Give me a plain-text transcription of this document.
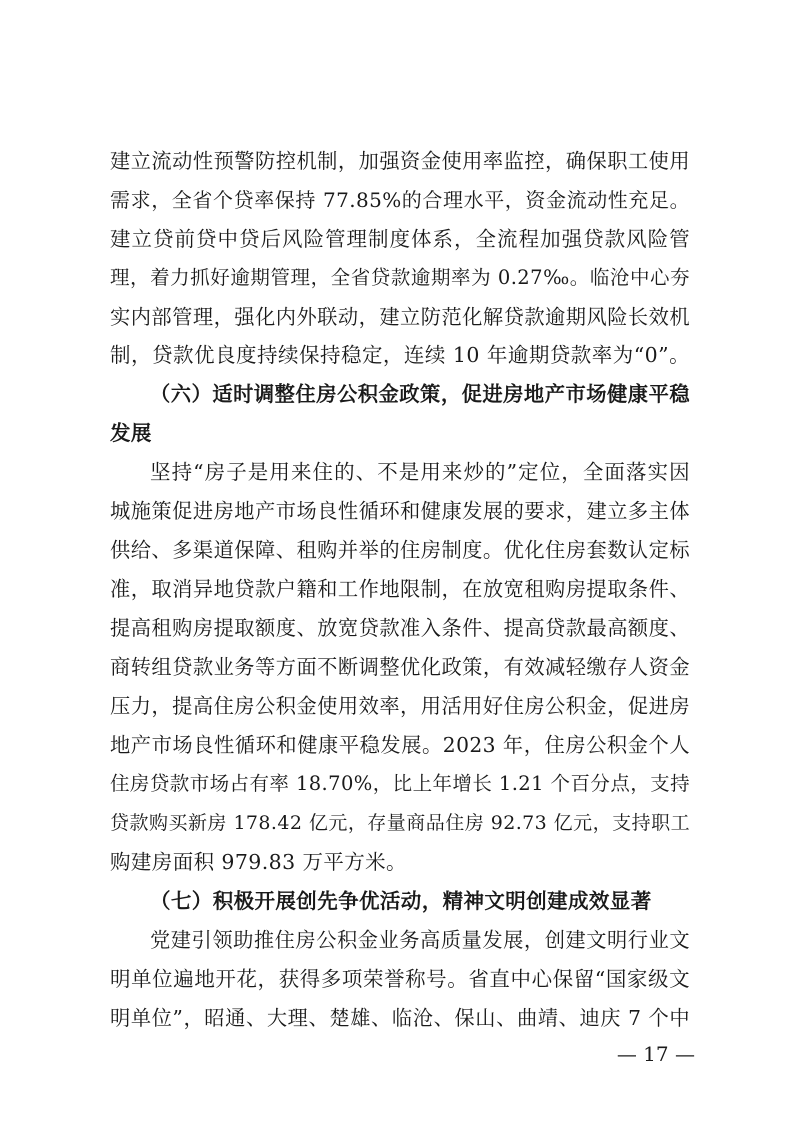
建立流动性预警防控机制，加强资金使用率监控，确保职工使用
需求，全省个贷率保持 77.85%的合理水平，资金流动性充足。
建立贷前贷中贷后风险管理制度体系，全流程加强贷款风险管
理，着力抓好逾期管理，全省贷款逾期率为 0.27‰。临沧中心夯
实内部管理，强化内外联动，建立防范化解贷款逾期风险长效机
制，贷款优良度持续保持稳定，连续 10 年逾期贷款率为“0”。
（六）适时调整住房公积金政策，促进房地产市场健康平稳
发展
坚持“房子是用来住的、不是用来炒的”定位，全面落实因
城施策促进房地产市场良性循环和健康发展的要求，建立多主体
供给、多渠道保障、租购并举的住房制度。优化住房套数认定标
准，取消异地贷款户籍和工作地限制，在放宽租购房提取条件、
提高租购房提取额度、放宽贷款准入条件、提高贷款最高额度、
商转组贷款业务等方面不断调整优化政策，有效减轻缴存人资金
压力，提高住房公积金使用效率，用活用好住房公积金，促进房
地产市场良性循环和健康平稳发展。2023 年，住房公积金个人
住房贷款市场占有率 18.70%，比上年增长 1.21 个百分点，支持
贷款购买新房 178.42 亿元，存量商品住房 92.73 亿元，支持职工
购建房面积 979.83 万平方米。
（七）积极开展创先争优活动，精神文明创建成效显著
党建引领助推住房公积金业务高质量发展，创建文明行业文
明单位遍地开花，获得多项荣誉称号。省直中心保留“国家级文
明单位”，昭通、大理、楚雄、临沧、保山、曲靖、迪庆 7 个中
— 17 —
